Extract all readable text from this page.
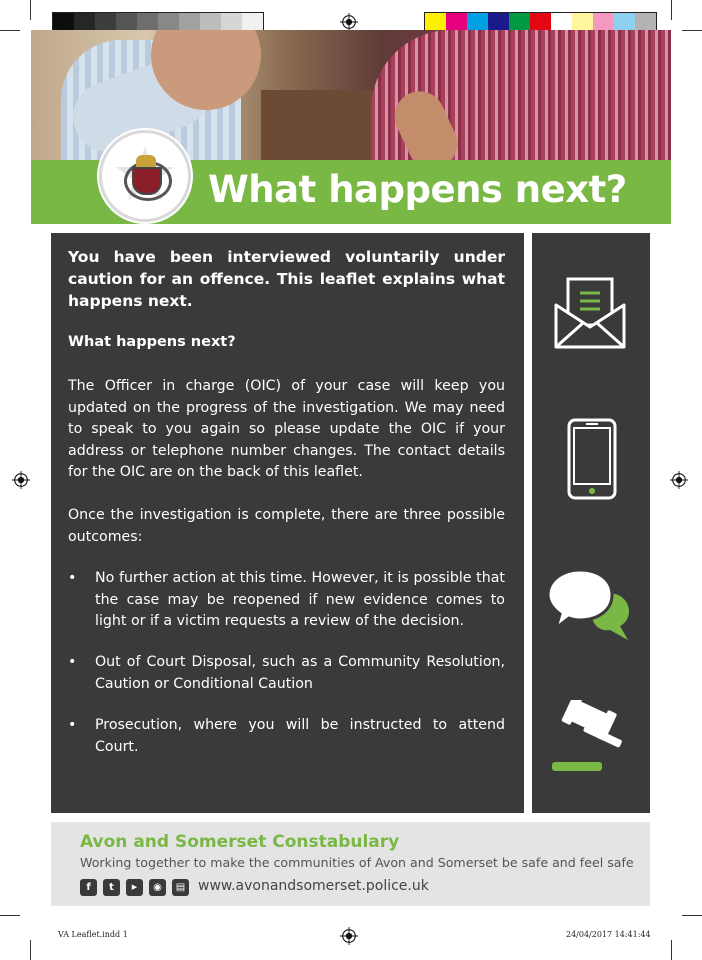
What happens next?
You have been interviewed voluntarily under caution for an offence. This leaflet explains what happens next.
What happens next?
The Officer in charge (OIC) of your case will keep you updated on the progress of the investigation. We may need to speak to you again so please update the OIC if your address or telephone number changes. The contact details for the OIC are on the back of this leaflet.
Once the investigation is complete, there are three possible outcomes:
• No further action at this time. However, it is possible that the case may be reopened if new evidence comes to light or if a victim requests a review of the decision.
• Out of Court Disposal, such as a Community Resolution, Caution or Conditional Caution
• Prosecution, where you will be instructed to attend Court.
Avon and Somerset Constabulary
Working together to make the communities of Avon and Somerset be safe and feel safe
f	t	▶	◉	▤ www.avonandsomerset.police.uk
VA Leaflet.indd 1	24/04/2017 14:41:44
